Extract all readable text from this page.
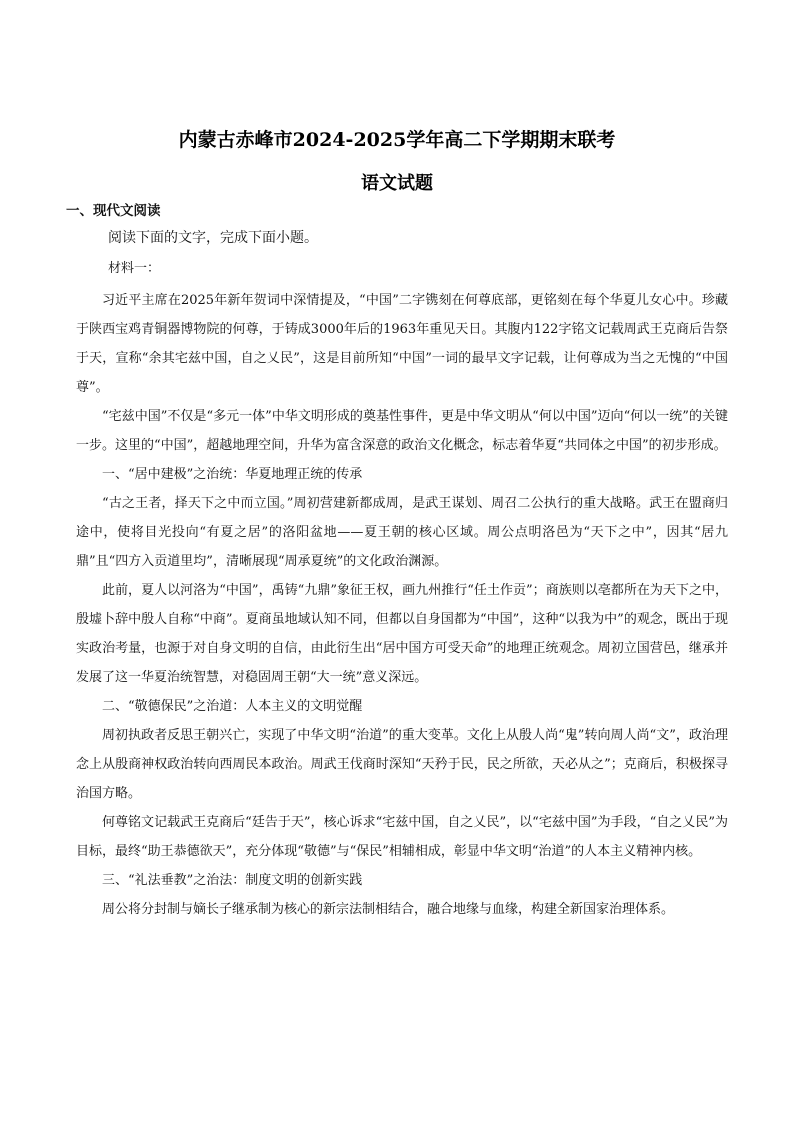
内蒙古赤峰市2024-2025学年高二下学期期末联考
语文试题
一、现代文阅读
阅读下面的文字，完成下面小题。
材料一：

习近平主席在2025年新年贺词中深情提及，“中国”二字镌刻在何尊底部，更铭刻在每个华夏儿女心中。珍藏于陕西宝鸡青铜器博物院的何尊，于铸成3000年后的1963年重见天日。其腹内122字铭文记载周武王克商后告祭于天，宣称“余其宅兹中国，自之乂民”，这是目前所知“中国”一词的最早文字记载，让何尊成为当之无愧的“中国尊”。

“宅兹中国”不仅是“多元一体”中华文明形成的奠基性事件，更是中华文明从“何以中国”迈向“何以一统”的关键一步。这里的“中国”，超越地理空间，升华为富含深意的政治文化概念，标志着华夏“共同体之中国”的初步形成。

一、“居中建极”之治统：华夏地理正统的传承

“古之王者，择天下之中而立国。”周初营建新都成周，是武王谋划、周召二公执行的重大战略。武王在盟商归途中，使将目光投向“有夏之居”的洛阳盆地——夏王朝的核心区域。周公点明洛邑为“天下之中”，因其“居九鼎”且“四方入贡道里均”，清晰展现“周承夏统”的文化政治渊源。

此前，夏人以河洛为“中国”，禹铸“九鼎”象征王权，画九州推行“任土作贡”；商族则以亳都所在为天下之中，殷墟卜辞中殷人自称“中商”。夏商虽地域认知不同，但都以自身国都为“中国”，这种“以我为中”的观念，既出于现实政治考量，也源于对自身文明的自信，由此衍生出“居中国方可受天命”的地理正统观念。周初立国营邑，继承并发展了这一华夏治统智慧，对稳固周王朝“大一统”意义深远。

二、“敬德保民”之治道：人本主义的文明觉醒

周初执政者反思王朝兴亡，实现了中华文明“治道”的重大变革。文化上从殷人尚“鬼”转向周人尚“文”，政治理念上从殷商神权政治转向西周民本政治。周武王伐商时深知“天矜于民，民之所欲，天必从之”；克商后，积极探寻治国方略。

何尊铭文记载武王克商后“廷告于天”，核心诉求“宅兹中国，自之乂民”，以“宅兹中国”为手段，“自之乂民”为目标，最终“助王恭德欲天”，充分体现“敬德”与“保民”相辅相成，彰显中华文明“治道”的人本主义精神内核。

三、“礼法垂教”之治法：制度文明的创新实践

周公将分封制与嫡长子继承制为核心的新宗法制相结合，融合地缘与血缘，构建全新国家治理体系。
